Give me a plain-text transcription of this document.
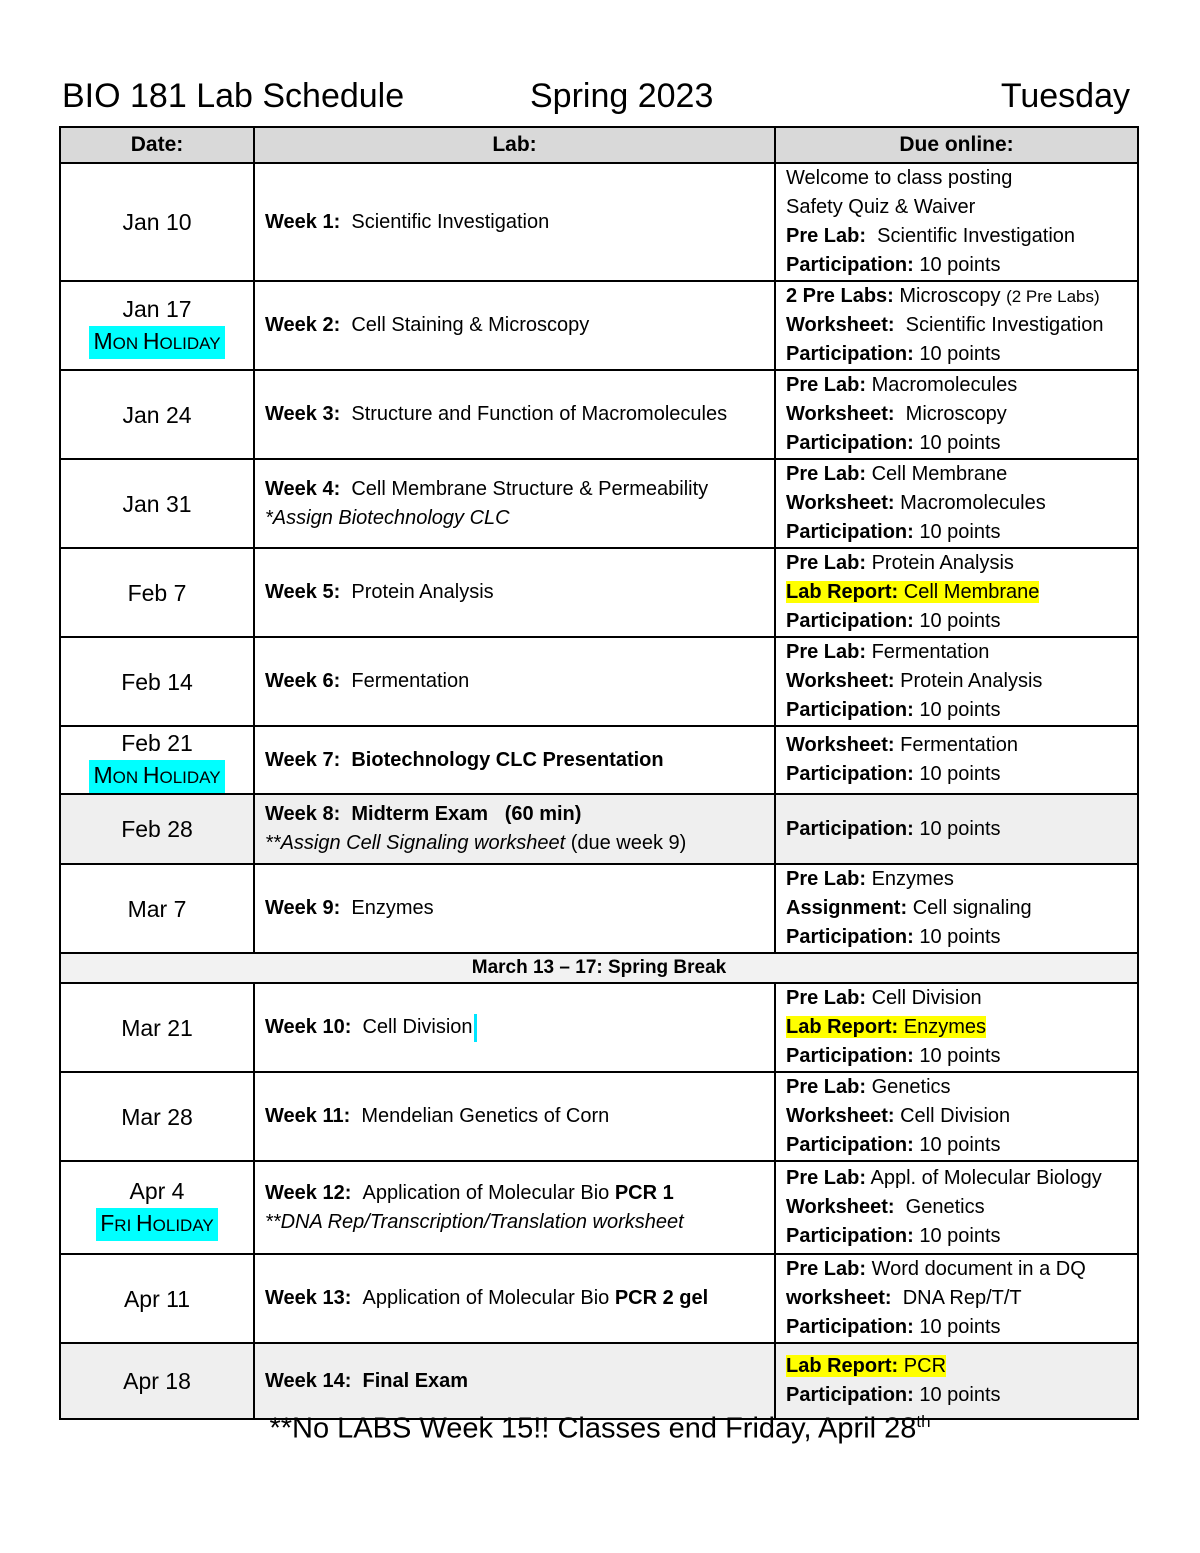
BIO 181 Lab Schedule	Spring 2023	Tuesday
Date:	Lab:	Due online:
Jan 10	Week 1: Scientific Investigation	Welcome to class posting
Safety Quiz & Waiver
Pre Lab: Scientific Investigation
Participation: 10 points

Jan 17
MON HOLIDAY	Week 2: Cell Staining & Microscopy	2 Pre Labs: Microscopy (2 Pre Labs)
Worksheet: Scientific Investigation
Participation: 10 points

Jan 24	Week 3: Structure and Function of Macromolecules	Pre Lab: Macromolecules
Worksheet: Microscopy
Participation: 10 points

Jan 31	Week 4: Cell Membrane Structure & Permeability
*Assign Biotechnology CLC	Pre Lab: Cell Membrane
Worksheet: Macromolecules
Participation: 10 points

Feb 7	Week 5: Protein Analysis	Pre Lab: Protein Analysis
Lab Report: Cell Membrane
Participation: 10 points

Feb 14	Week 6: Fermentation	Pre Lab: Fermentation
Worksheet: Protein Analysis
Participation: 10 points

Feb 21
MON HOLIDAY	Week 7: Biotechnology CLC Presentation	Worksheet: Fermentation
Participation: 10 points

Feb 28	Week 8: Midterm Exam   (60 min)
**Assign Cell Signaling worksheet (due week 9)	Participation: 10 points

Mar 7	Week 9: Enzymes	Pre Lab: Enzymes
Assignment: Cell signaling
Participation: 10 points

March 13 – 17: Spring Break		
Mar 21	Week 10: Cell Division	Pre Lab: Cell Division
Lab Report: Enzymes
Participation: 10 points

Mar 28	Week 11: Mendelian Genetics of Corn	Pre Lab: Genetics
Worksheet: Cell Division
Participation: 10 points

Apr 4
FRI HOLIDAY	Week 12: Application of Molecular Bio PCR 1
**DNA Rep/Transcription/Translation worksheet	Pre Lab: Appl. of Molecular Biology
Worksheet: Genetics
Participation: 10 points

Apr 11	Week 13: Application of Molecular Bio PCR 2 gel	Pre Lab: Word document in a DQ
worksheet: DNA Rep/T/T
Participation: 10 points

Apr 18	Week 14: Final Exam	Lab Report: PCR
Participation: 10 points
**No LABS Week 15!! Classes end Friday, April 28th
